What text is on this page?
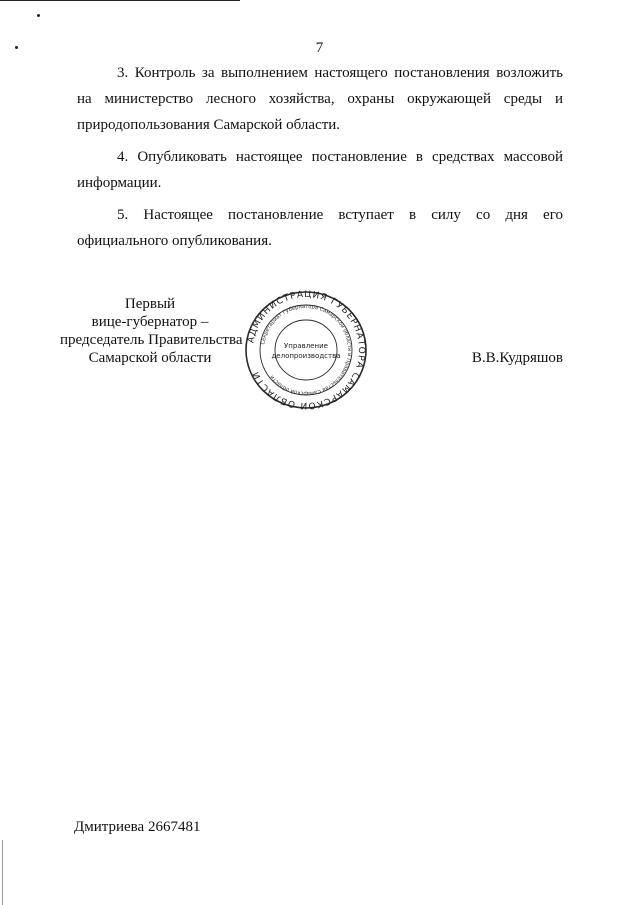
7

3. Контроль за выполнением настоящего постановления возложить на министерство лесного хозяйства, охраны окружающей среды и природопользования Самарской области.

4. Опубликовать настоящее постановление в средствах массовой информации.

5. Настоящее постановление вступает в силу со дня его официального опубликования.

Первый
вице-губернатор –
председатель Правительства
Самарской области
АДМИНИСТРАЦИЯ ГУБЕРНАТОРА САМАРСКОЙ ОБЛАСТИ
Секретариат Губернатора Самарской области и Правительства Самарской области
Управление
делопроизводства	В.В.Кудряшов
Дмитриева 2667481
